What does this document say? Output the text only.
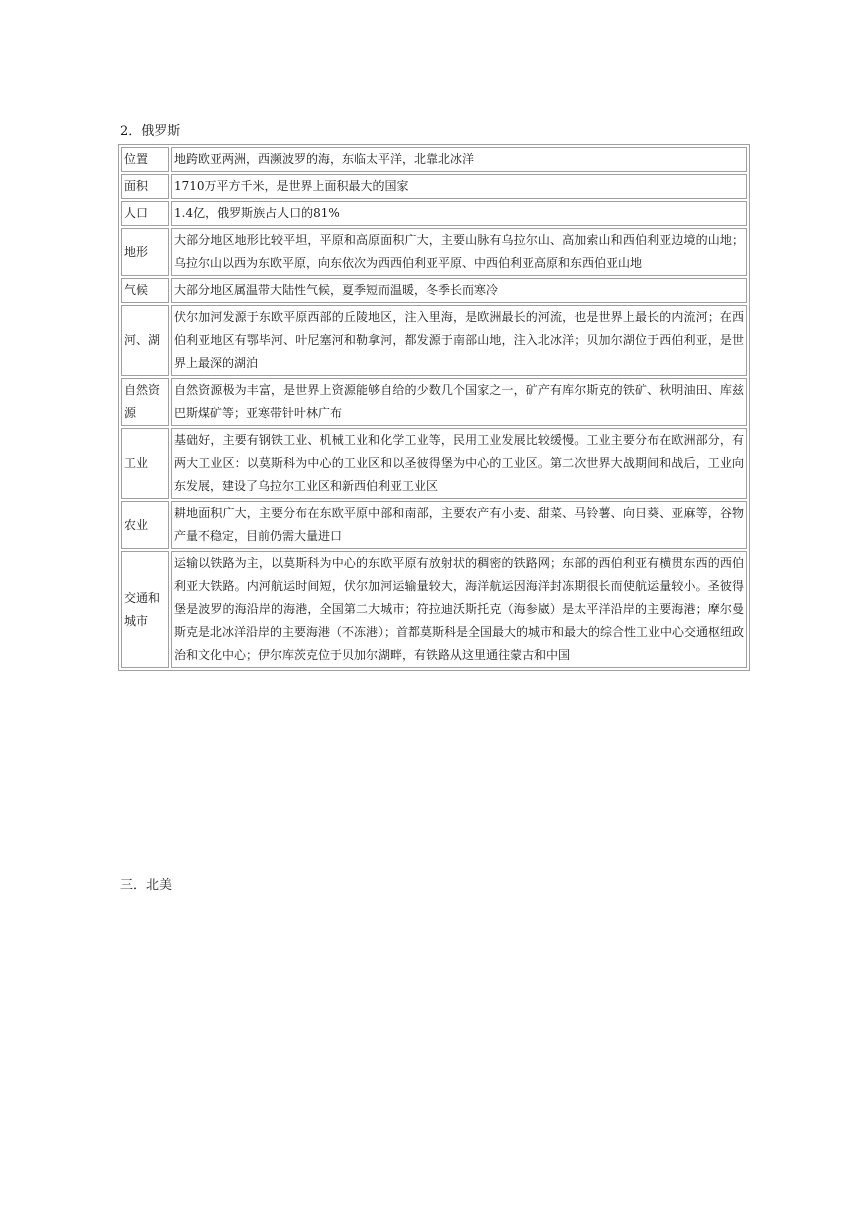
2．俄罗斯
位置	地跨欧亚两洲，西濒波罗的海，东临太平洋，北靠北冰洋
面积	1710万平方千米，是世界上面积最大的国家
人口	1.4亿，俄罗斯族占人口的81%
地形	大部分地区地形比较平坦，平原和高原面积广大，主要山脉有乌拉尔山、高加索山和西伯利亚边境的山地；乌拉尔山以西为东欧平原，向东依次为西西伯利亚平原、中西伯利亚高原和东西伯亚山地
气候	大部分地区属温带大陆性气候，夏季短而温暖，冬季长而寒冷
河、湖	伏尔加河发源于东欧平原西部的丘陵地区，注入里海，是欧洲最长的河流，也是世界上最长的内流河；在西伯利亚地区有鄂毕河、叶尼塞河和勒拿河，都发源于南部山地，注入北冰洋；贝加尔湖位于西伯利亚，是世界上最深的湖泊
自然资源	自然资源极为丰富，是世界上资源能够自给的少数几个国家之一，矿产有库尔斯克的铁矿、秋明油田、库兹巴斯煤矿等；亚寒带针叶林广布
工业	基础好，主要有钢铁工业、机械工业和化学工业等，民用工业发展比较缓慢。工业主要分布在欧洲部分，有两大工业区：以莫斯科为中心的工业区和以圣彼得堡为中心的工业区。第二次世界大战期间和战后，工业向东发展，建设了乌拉尔工业区和新西伯利亚工业区
农业	耕地面积广大，主要分布在东欧平原中部和南部，主要农产有小麦、甜菜、马铃薯、向日葵、亚麻等，谷物产量不稳定，目前仍需大量进口
交通和城市	运输以铁路为主，以莫斯科为中心的东欧平原有放射状的稠密的铁路网；东部的西伯利亚有横贯东西的西伯利亚大铁路。内河航运时间短，伏尔加河运输量较大，海洋航运因海洋封冻期很长而使航运量较小。圣彼得堡是波罗的海沿岸的海港，全国第二大城市；符拉迪沃斯托克（海参崴）是太平洋沿岸的主要海港；摩尔曼斯克是北冰洋沿岸的主要海港（不冻港）；首都莫斯科是全国最大的城市和最大的综合性工业中心交通枢纽政治和文化中心；伊尔库茨克位于贝加尔湖畔，有铁路从这里通往蒙古和中国
三．北美
